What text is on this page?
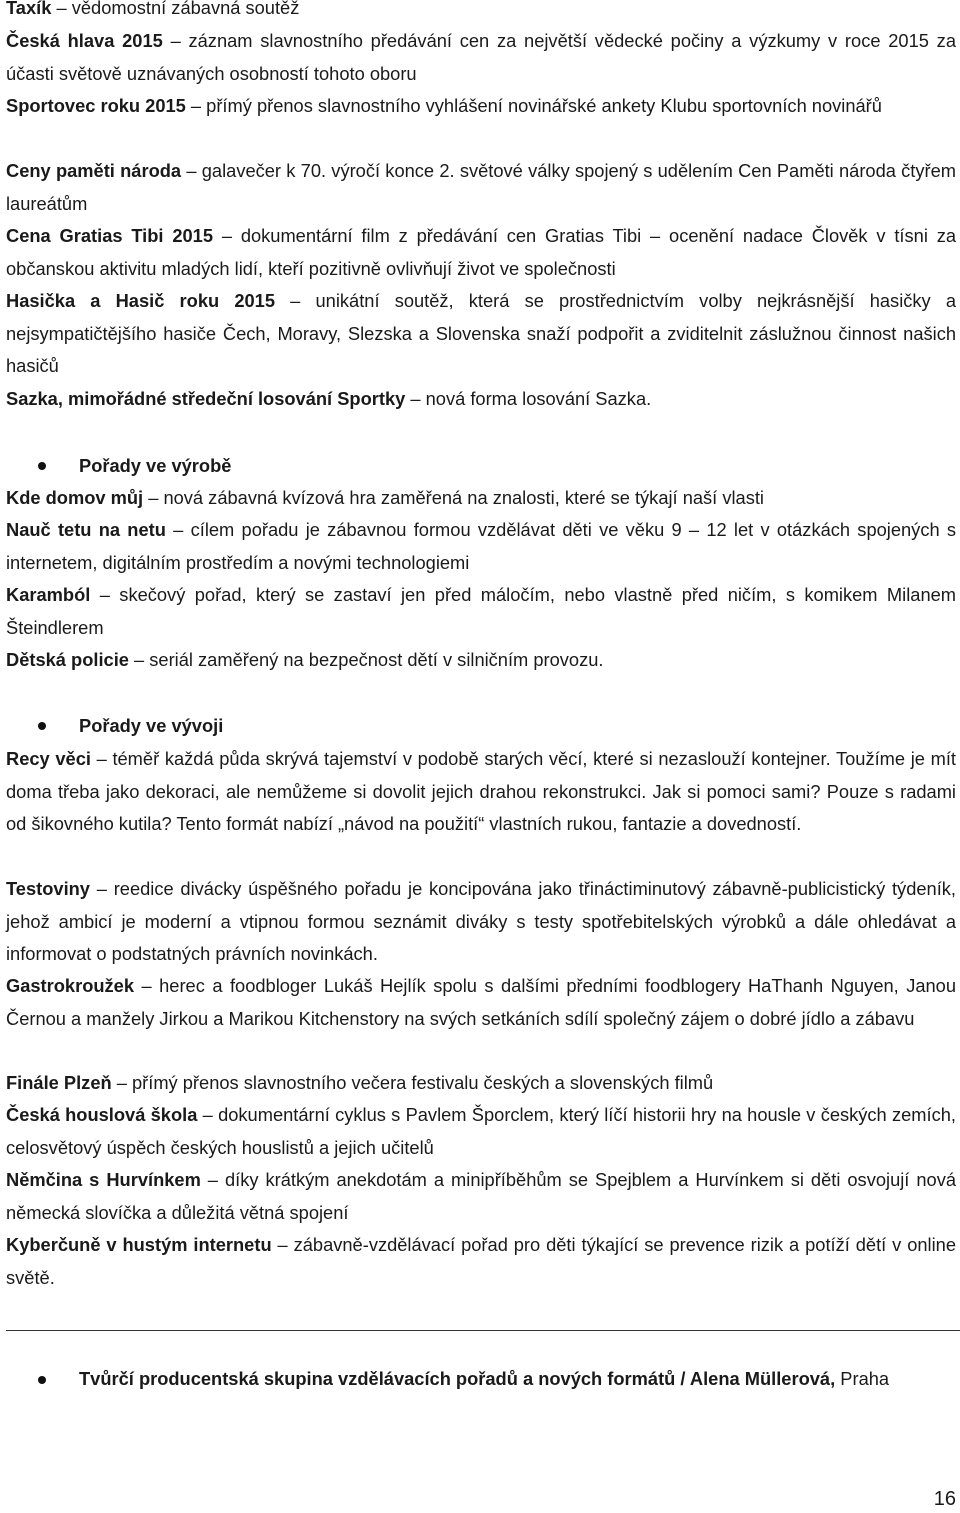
Taxík – vědomostní zábavná soutěž
Česká hlava 2015 – záznam slavnostního předávání cen za největší vědecké počiny a výzkumy v roce 2015 za účasti světově uznávaných osobností tohoto oboru
Sportovec roku 2015 – přímý přenos slavnostního vyhlášení novinářské ankety Klubu sportovních novinářů
Ceny paměti národa – galavečer k 70. výročí konce 2. světové války spojený s udělením Cen Paměti národa čtyřem laureátům
Cena Gratias Tibi 2015 – dokumentární film z předávání cen Gratias Tibi – ocenění nadace Člověk v tísni za občanskou aktivitu mladých lidí, kteří pozitivně ovlivňují život ve společnosti
Hasička a Hasič roku 2015 – unikátní soutěž, která se prostřednictvím volby nejkrásnější hasičky a nejsympatičtějšího hasiče Čech, Moravy, Slezska a Slovenska snaží podpořit a zviditelnit záslužnou činnost našich hasičů
Sazka, mimořádné středeční losování Sportky – nová forma losování Sazka.
Pořady ve výrobě
Kde domov můj – nová zábavná kvízová hra zaměřená na znalosti, které se týkají naší vlasti
Nauč tetu na netu – cílem pořadu je zábavnou formou vzdělávat děti ve věku 9 – 12 let v otázkách spojených s internetem, digitálním prostředím a novými technologiemi
Karamból – skečový pořad, který se zastaví jen před máločím, nebo vlastně před ničím, s komikem Milanem Šteindlerem
Dětská policie – seriál zaměřený na bezpečnost dětí v silničním provozu.
Pořady ve vývoji
Recy věci – téměř každá půda skrývá tajemství v podobě starých věcí, které si nezaslouží kontejner. Toužíme je mít doma třeba jako dekoraci, ale nemůžeme si dovolit jejich drahou rekonstrukci. Jak si pomoci sami? Pouze s radami od šikovného kutila? Tento formát nabízí „návod na použití“ vlastních rukou, fantazie a dovedností.
Testoviny – reedice divácky úspěšného pořadu je koncipována jako třináctiminutový zábavně-publicistický týdeník, jehož ambicí je moderní a vtipnou formou seznámit diváky s testy spotřebitelských výrobků a dále ohledávat a informovat o podstatných právních novinkách.
Gastrokroužek – herec a foodbloger Lukáš Hejlík spolu s dalšími předními foodblogery HaThanh Nguyen, Janou Černou a manžely Jirkou a Marikou Kitchenstory na svých setkáních sdílí společný zájem o dobré jídlo a zábavu
Finále Plzeň – přímý přenos slavnostního večera festivalu českých a slovenských filmů
Česká houslová škola – dokumentární cyklus s Pavlem Šporclem, který líčí historii hry na housle v českých zemích, celosvětový úspěch českých houslistů a jejich učitelů
Němčina s Hurvínkem – díky krátkým anekdotám a minipříběhům se Spejblem a Hurvínkem si děti osvojují nová německá slovíčka a důležitá větná spojení
Kyberčuně v hustým internetu – zábavně-vzdělávací pořad pro děti týkající se prevence rizik a potíží dětí v online světě.
Tvůrčí producentská skupina vzdělávacích pořadů a nových formátů / Alena Müllerová, Praha
16
